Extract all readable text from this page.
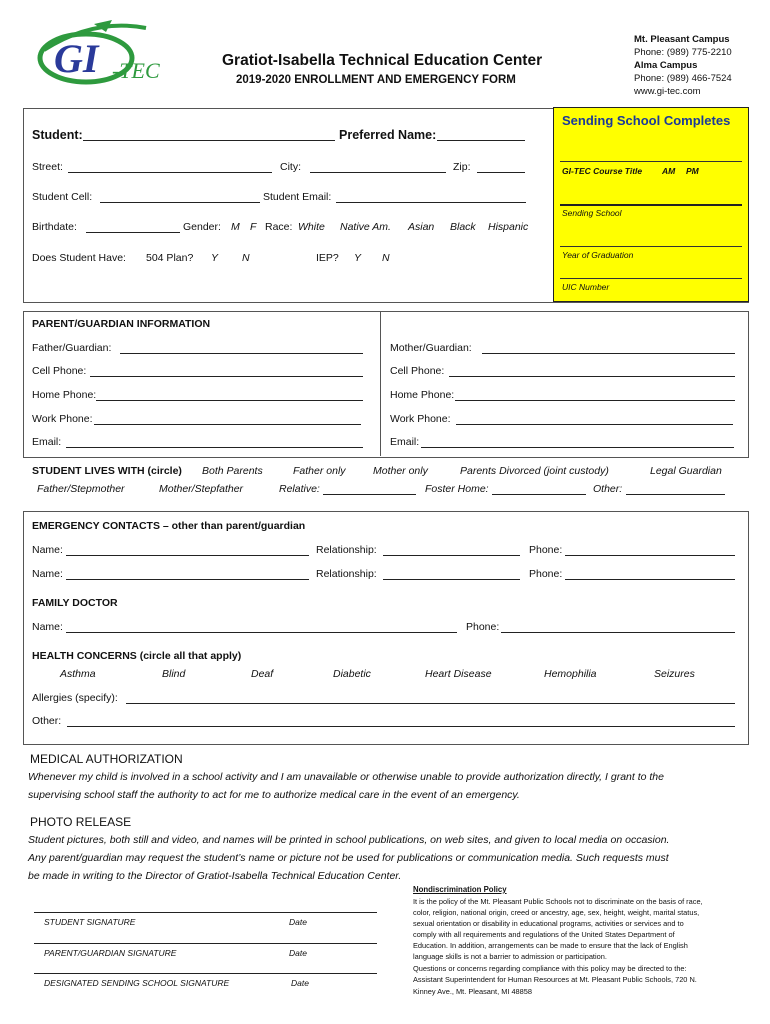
GI -TEC	Gratiot-Isabella Technical Education Center
2019-2020 ENROLLMENT AND EMERGENCY FORM
Mt. Pleasant Campus
Phone: (989) 775-2210
Alma Campus
Phone: (989) 466-7524
www.gi-tec.com
Sending School Completes
GI-TEC Course Title AM PM
Sending School
Year of Graduation
UIC Number
Student:	Preferred Name:
Street:	City:	Zip:
Student Cell:	Student Email:
Birthdate:	Gender: M F Race: White Native Am. Asian Black Hispanic
Does Student Have: 504 Plan? Y N	IEP? Y N
PARENT/GUARDIAN INFORMATION
Father/Guardian:	Mother/Guardian:
Cell Phone:	Cell Phone:
Home Phone:	Home Phone:
Work Phone:	Work Phone:
Email:	Email:
STUDENT LIVES WITH (circle) Both Parents	Father only	Mother only	Parents Divorced (joint custody)	Legal Guardian
Father/Stepmother	Mother/Stepfather	Relative:	Foster Home:	Other:
EMERGENCY CONTACTS – other than parent/guardian
Name:	Relationship:	Phone:
Name:	Relationship:	Phone:
FAMILY DOCTOR
Name:	Phone:
HEALTH CONCERNS (circle all that apply)
Asthma	Blind	Deaf	Diabetic	Heart Disease	Hemophilia	Seizures
Allergies (specify):
Other:
MEDICAL AUTHORIZATION
Whenever my child is involved in a school activity and I am unavailable or otherwise unable to provide authorization directly, I grant to the
supervising school staff the authority to act for me to authorize medical care in the event of an emergency.
PHOTO RELEASE
Student pictures, both still and video, and names will be printed in school publications, on web sites, and given to local media on occasion.
Any parent/guardian may request the student’s name or picture not be used for publications or communication media. Such requests must
be made in writing to the Director of Gratiot-Isabella Technical Education Center.
STUDENT SIGNATURE	Date
PARENT/GUARDIAN SIGNATURE	Date
DESIGNATED SENDING SCHOOL SIGNATURE	Date
Nondiscrimination Policy
It is the policy of the Mt. Pleasant Public Schools not to discriminate on the basis of race,
color, religion, national origin, creed or ancestry, age, sex, height, weight, marital status,
sexual orientation or disability in educational programs, activities or services and to
comply with all requirements and regulations of the United States Department of
Education. In addition, arrangements can be made to ensure that the lack of English
language skills is not a barrier to admission or participation.
Questions or concerns regarding compliance with this policy may be directed to the:
Assistant Superintendent for Human Resources at Mt. Pleasant Public Schools, 720 N.
Kinney Ave., Mt. Pleasant, MI 48858
